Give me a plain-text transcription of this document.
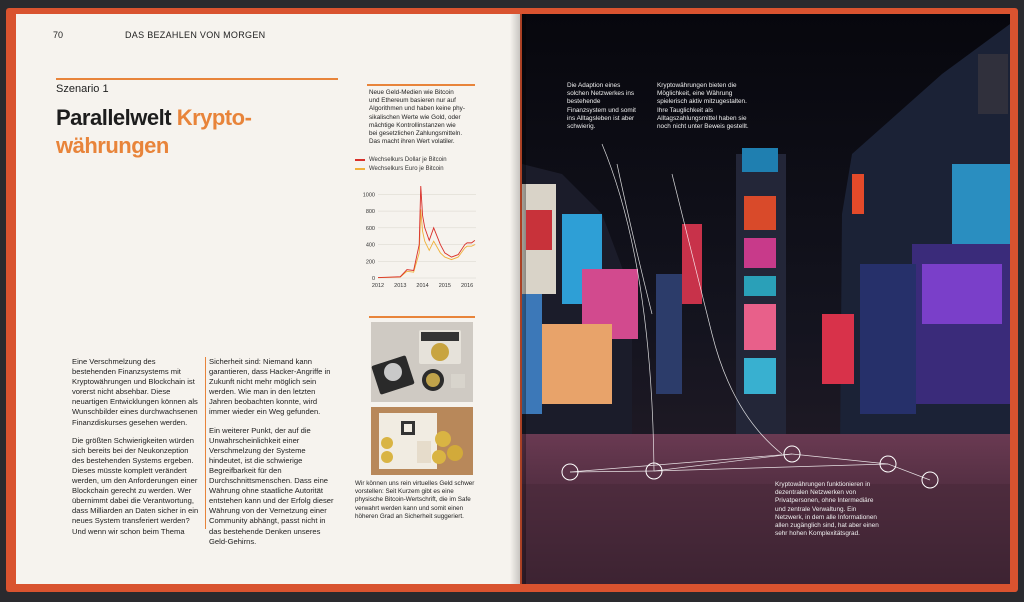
70	DAS BEZAHLEN VON MORGEN
Szenario 1
Parallelwelt Krypto-
währungen
Neue Geld-Medien wie Bitcoin
und Ethereum basieren nur auf
Algorithmen und haben keine phy-
sikalischen Werte wie Gold, oder
mächtige Kontrollinstanzen wie
bei gesetzlichen Zahlungsmitteln.
Das macht ihren Wert volatiler.
Wechselkurs Dollar je Bitcoin
Wechselkurs Euro je Bitcoin
0
200
400
600
800
1000
2012 2013 2014 2015 2016
Wir können uns rein virtuelles Geld schwer vorstellen: Seit Kurzem gibt es eine physische Bitcoin-Wertschrift, die im Safe verwahrt werden kann und somit einen höheren Grad an Sicherheit suggeriert.

Eine Verschmelzung des bestehenden Finanzsystems mit Kryptowährungen und Blockchain ist vorerst nicht absehbar. Diese neuartigen Entwicklungen können als Wunschbilder eines durchwachsenen Finanzdiskurses gesehen werden.

Die größten Schwierigkeiten würden sich bereits bei der Neukonzeption des bestehenden Systems ergeben. Dieses müsste komplett verändert werden, um den Anforderungen einer Blockchain gerecht zu werden. Wer übernimmt dabei die Verantwortung, dass Milliarden an Daten sicher in ein neues System transferiert werden? Und wenn wir schon beim Thema

Sicherheit sind: Niemand kann garantieren, dass Hacker-Angriffe in Zukunft nicht mehr möglich sein werden. Wie man in den letzten Jahren beobachten konnte, wird immer wieder ein Weg gefunden.

Ein weiterer Punkt, der auf die Unwahrscheinlichkeit einer Verschmelzung der Systeme hindeutet, ist die schwierige Begreifbarkeit für den Durchschnittsmenschen. Dass eine Währung ohne staatliche Autorität entstehen kann und der Erfolg dieser Währung von der Vernetzung einer Community abhängt, passt nicht in das bestehende Denken unseres Geld-Gehirns.

Die Adaption eines solchen Netzwerkes ins bestehende Finanzsystem und somit ins Alltagsleben ist aber schwierig.
Kryptowährungen bieten die Möglichkeit, eine Währung spielerisch aktiv mitzugestalten. Ihre Tauglichkeit als Alltagszahlungsmittel haben sie noch nicht unter Beweis gestellt.
Kryptowährungen funktionieren in dezentralen Netzwerken von Privatpersonen, ohne Intermediäre und zentrale Verwaltung. Ein Netzwerk, in dem alle Informationen allen zugänglich sind, hat aber einen sehr hohen Komplexitätsgrad.
